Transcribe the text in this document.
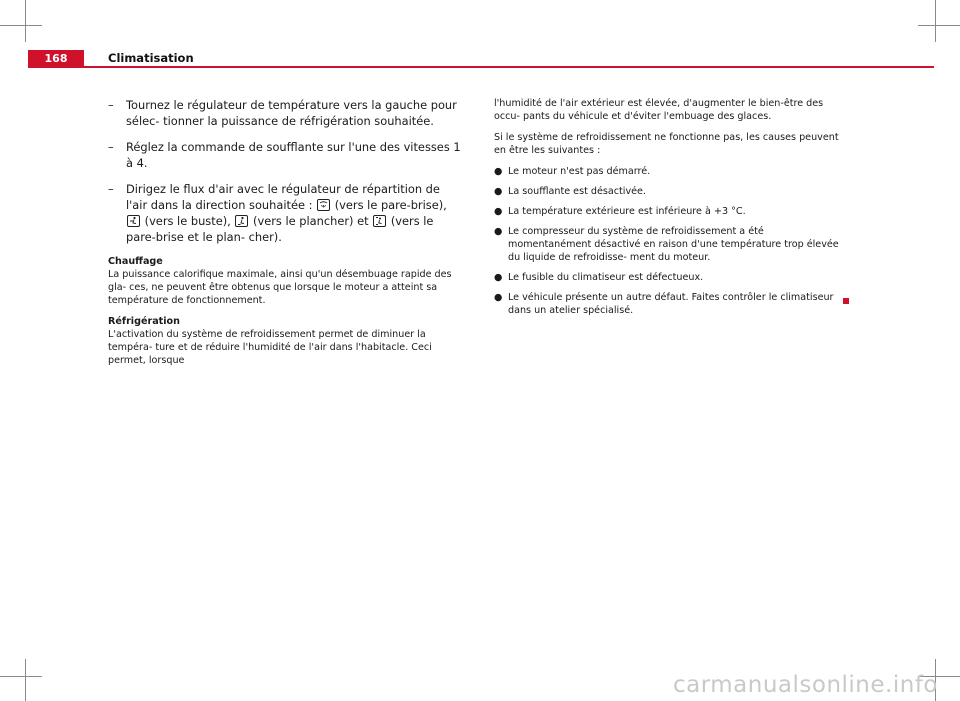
168	Climatisation
– Tournez le régulateur de température vers la gauche pour sélec- tionner la puissance de réfrigération souhaitée.
– Réglez la commande de soufflante sur l'une des vitesses 1 à 4.
– Dirigez le flux d'air avec le régulateur de répartition de l'air dans la direction souhaitée : (vers le pare-brise),
(vers le buste), (vers le plancher) et (vers le pare-brise et le plan- cher).
Chauffage

La puissance calorifique maximale, ainsi qu'un désembuage rapide des gla- ces, ne peuvent être obtenus que lorsque le moteur a atteint sa température de fonctionnement.

Réfrigération

L'activation du système de refroidissement permet de diminuer la tempéra- ture et de réduire l'humidité de l'air dans l'habitacle. Ceci permet, lorsque

l'humidité de l'air extérieur est élevée, d'augmenter le bien-être des occu- pants du véhicule et d'éviter l'embuage des glaces.

Si le système de refroidissement ne fonctionne pas, les causes peuvent en être les suivantes :

● Le moteur n'est pas démarré.
● La soufflante est désactivée.
● La température extérieure est inférieure à +3 °C.
● Le compresseur du système de refroidissement a été momentanément désactivé en raison d'une température trop élevée du liquide de refroidisse- ment du moteur.
● Le fusible du climatiseur est défectueux.
● Le véhicule présente un autre défaut. Faites contrôler le climatiseur dans un atelier spécialisé.
carmanualsonline.info
